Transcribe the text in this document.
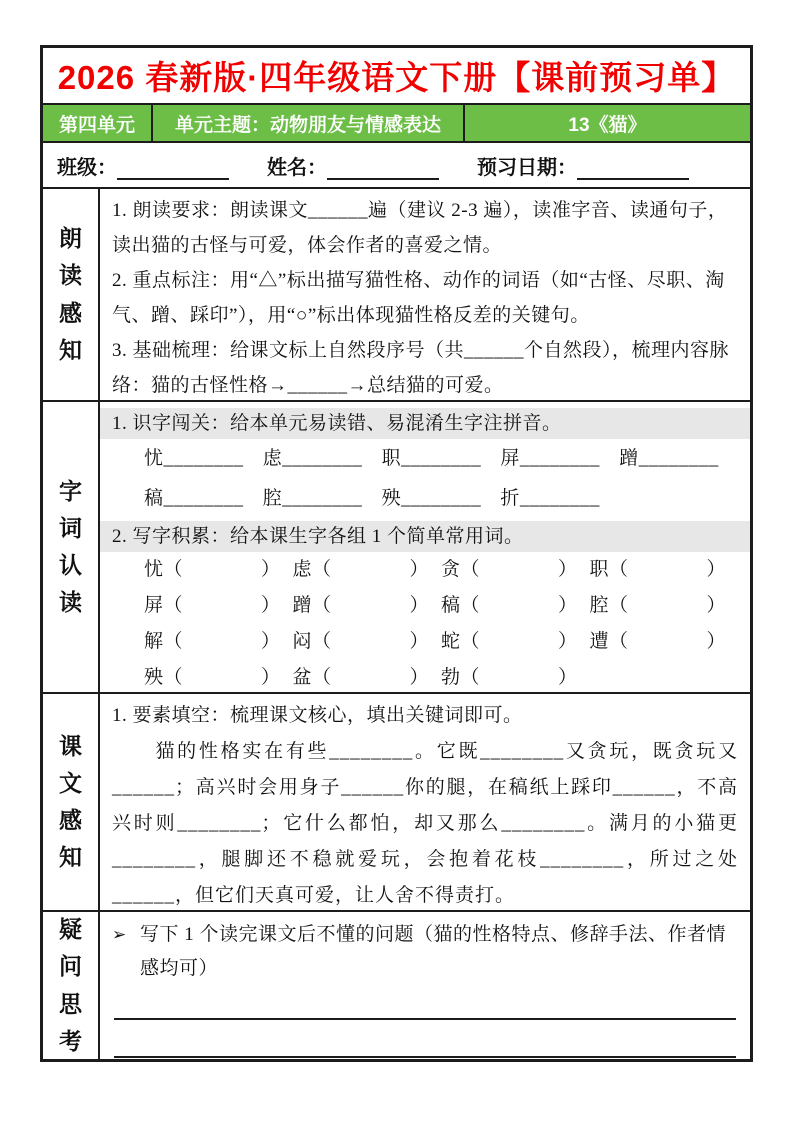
2026 春新版·四年级语文下册【课前预习单】
第四单元	单元主题：动物朋友与情感表达	13《猫》
班级：	姓名：	预习日期：
朗读感知

1. 朗读要求：朗读课文______遍（建议 2-3 遍），读准字音、读通句子，读出猫的古怪与可爱，体会作者的喜爱之情。

2. 重点标注：用“△”标出描写猫性格、动作的词语（如“古怪、尽职、淘气、蹭、踩印”），用“○”标出体现猫性格反差的关键句。

3. 基础梳理：给课文标上自然段序号（共______个自然段），梳理内容脉络：猫的古怪性格→______→总结猫的可爱。

字词认读
1. 识字闯关：给本单元易读错、易混淆生字注拼音。
忧________	虑________	职________	屏________	蹭________
稿________	腔________	殃________	折________
2. 写字积累：给本课生字各组 1 个简单常用词。
忧（　　　　） 虑（　　　　） 贪（　　　　） 职（　　　　）
屏（　　　　） 蹭（　　　　） 稿（　　　　） 腔（　　　　）
解（　　　　） 闷（　　　　） 蛇（　　　　） 遭（　　　　）
殃（　　　　） 盆（　　　　） 勃（　　　　）
课文感知
1. 要素填空：梳理课文核心，填出关键词即可。
　　猫的性格实在有些________。它既________又贪玩，既贪玩又______；高兴时会用身子______你的腿，在稿纸上踩印______，不高兴时则________；它什么都怕，却又那么________。满月的小猫更________，腿脚还不稳就爱玩，会抱着花枝________，所过之处______，但它们天真可爱，让人舍不得责打。
疑问思考
➢ 写下 1 个读完课文后不懂的问题（猫的性格特点、修辞手法、作者情感均可）
